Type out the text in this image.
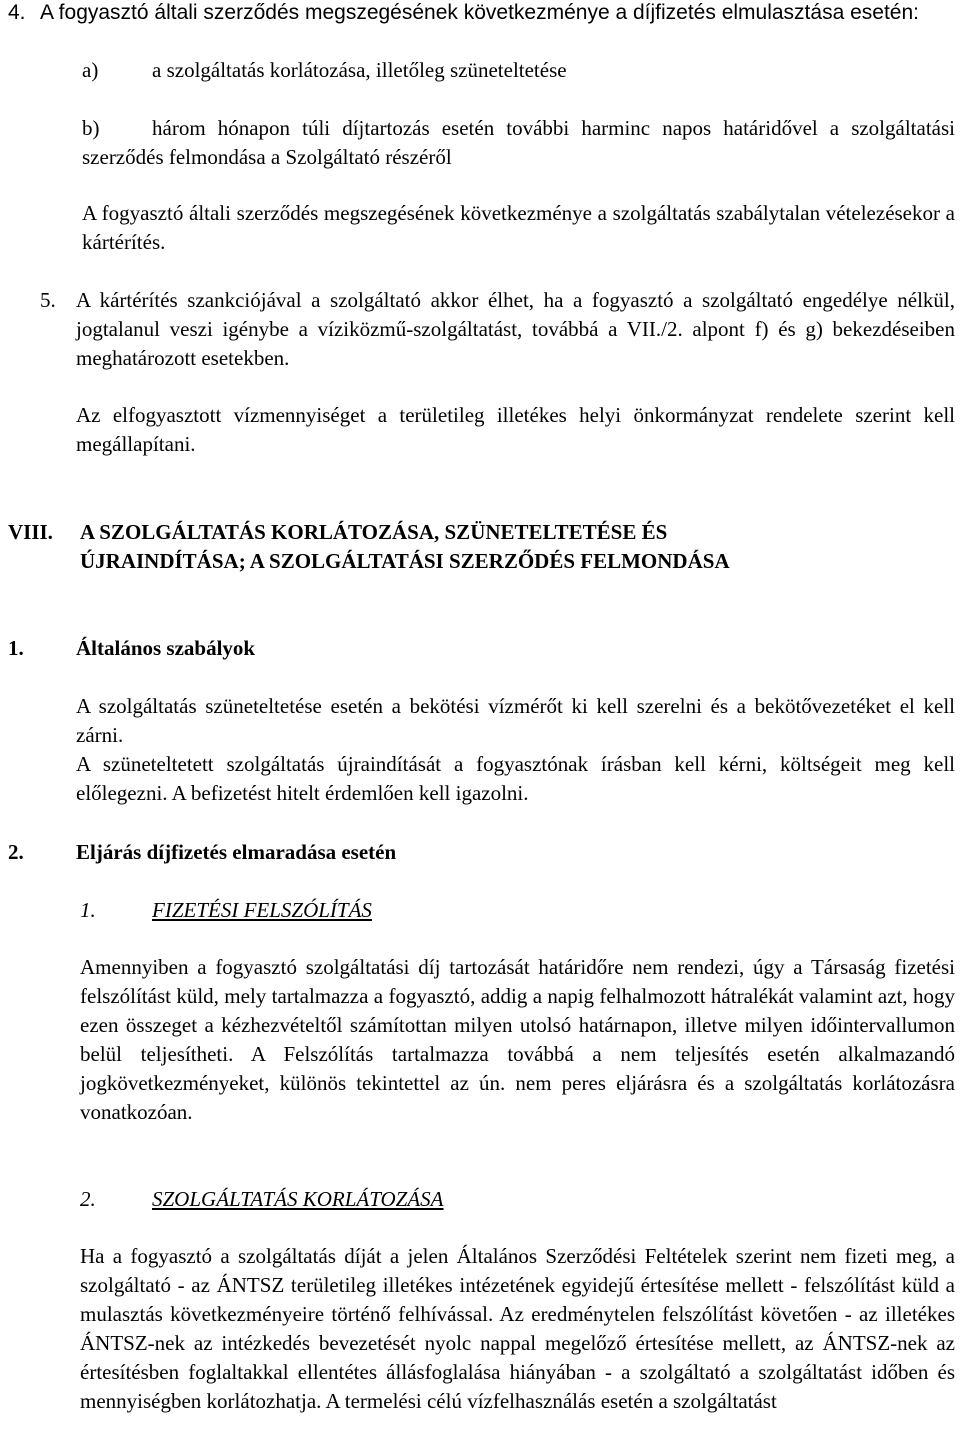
4. A fogyasztó általi szerződés megszegésének következménye a díjfizetés elmulasztása esetén:

a)	a szolgáltatás korlátozása, illetőleg szüneteltetése

b)	három hónapon túli díjtartozás esetén további harminc napos határidővel a szolgáltatási szerződés felmondása a Szolgáltató részéről

A fogyasztó általi szerződés megszegésének következménye a szolgáltatás szabálytalan vételezésekor a kártérítés.

5. A kártérítés szankciójával a szolgáltató akkor élhet, ha a fogyasztó a szolgáltató engedélye nélkül, jogtalanul veszi igénybe a víziközmű-szolgáltatást, továbbá a VII./2. alpont f) és g) bekezdéseiben meghatározott esetekben.

Az elfogyasztott vízmennyiséget a területileg illetékes helyi önkormányzat rendelete szerint kell megállapítani.

VIII. A SZOLGÁLTATÁS KORLÁTOZÁSA, SZÜNETELTETÉSE ÉS
ÚJRAINDÍTÁSA; A SZOLGÁLTATÁSI SZERZŐDÉS FELMONDÁSA
1. Általános szabályok

A szolgáltatás szüneteltetése esetén a bekötési vízmérőt ki kell szerelni és a bekötővezetéket el kell zárni.

A szüneteltetett szolgáltatás újraindítását a fogyasztónak írásban kell kérni, költségeit meg kell előlegezni. A befizetést hitelt érdemlően kell igazolni.

2. Eljárás díjfizetés elmaradása esetén
1.	FIZETÉSI FELSZÓLÍTÁS

Amennyiben a fogyasztó szolgáltatási díj tartozását határidőre nem rendezi, úgy a Társaság fizetési felszólítást küld, mely tartalmazza a fogyasztó, addig a napig felhalmozott hátralékát valamint azt, hogy ezen összeget a kézhezvételtől számítottan milyen utolsó határnapon, illetve milyen időintervallumon belül teljesítheti. A Felszólítás tartalmazza továbbá a nem teljesítés esetén alkalmazandó jogkövetkezményeket, különös tekintettel az ún. nem peres eljárásra és a szolgáltatás korlátozásra vonatkozóan.

2.	SZOLGÁLTATÁS KORLÁTOZÁSA

Ha a fogyasztó a szolgáltatás díját a jelen Általános Szerződési Feltételek szerint nem fizeti meg, a szolgáltató - az ÁNTSZ területileg illetékes intézetének egyidejű értesítése mellett - felszólítást küld a mulasztás következményeire történő felhívással. Az eredménytelen felszólítást követően - az illetékes ÁNTSZ-nek az intézkedés bevezetését nyolc nappal megelőző értesítése mellett, az ÁNTSZ-nek az értesítésben foglaltakkal ellentétes állásfoglalása hiányában - a szolgáltató a szolgáltatást időben és mennyiségben korlátozhatja. A termelési célú vízfelhasználás esetén a szolgáltatást
